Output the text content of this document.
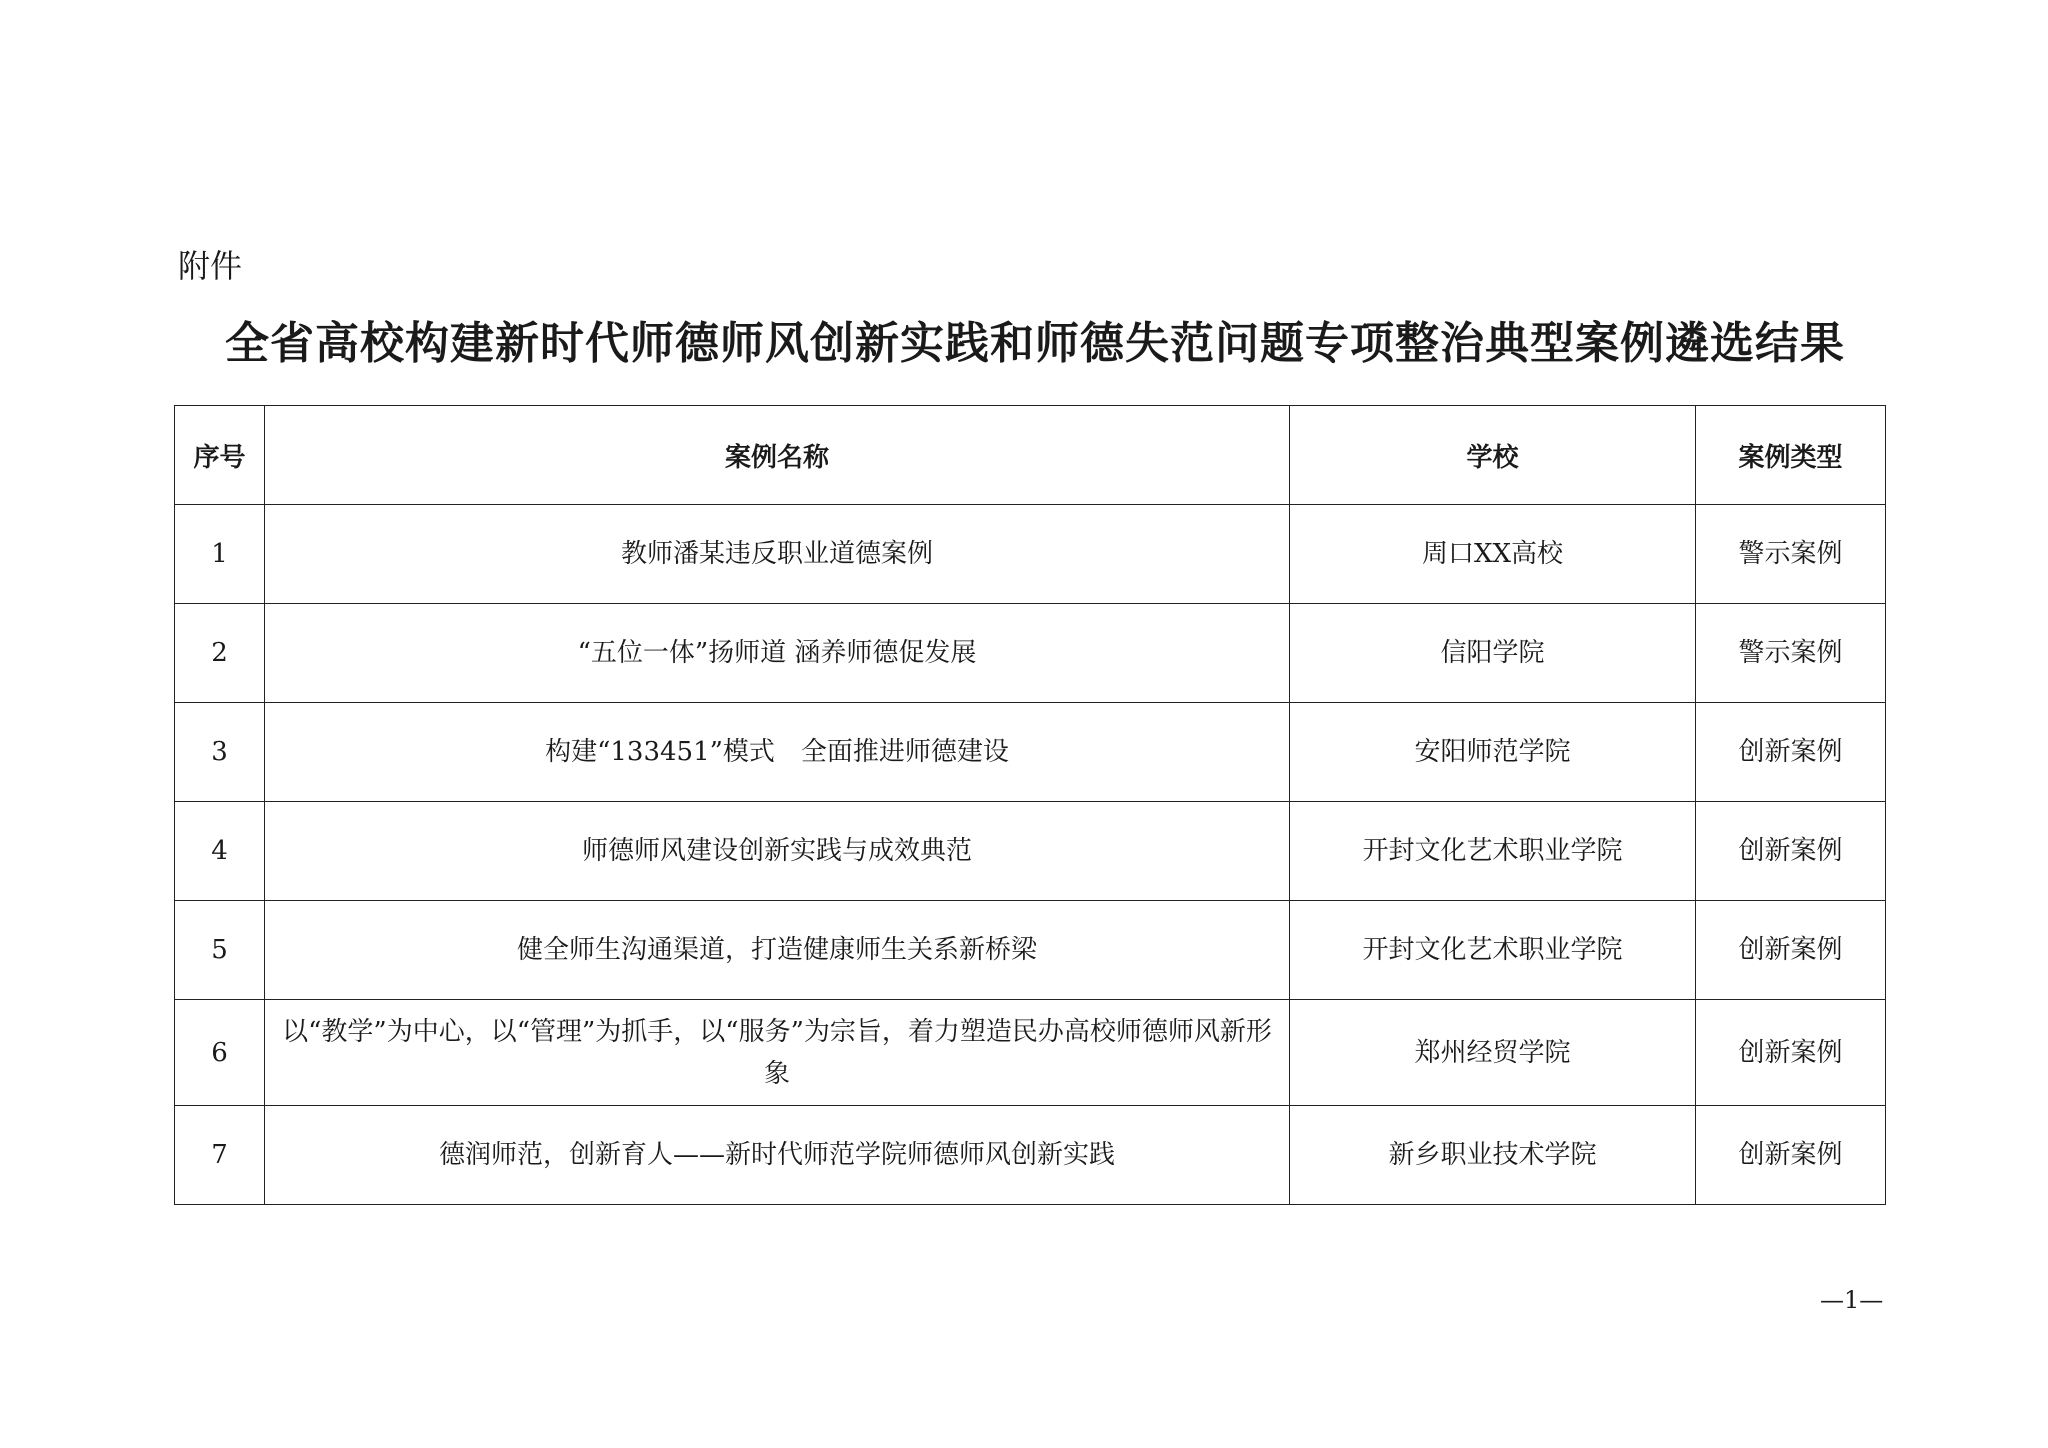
附件
全省高校构建新时代师德师风创新实践和师德失范问题专项整治典型案例遴选结果
序号	案例名称	学校	案例类型
1	教师潘某违反职业道德案例	周口XX高校	警示案例
2	“五位一体”扬师道 涵养师德促发展	信阳学院	警示案例
3	构建“133451”模式　全面推进师德建设	安阳师范学院	创新案例
4	师德师风建设创新实践与成效典范	开封文化艺术职业学院	创新案例
5	健全师生沟通渠道，打造健康师生关系新桥梁	开封文化艺术职业学院	创新案例
6	以“教学”为中心，以“管理”为抓手，以“服务”为宗旨，着力塑造民办高校师德师风新形象	郑州经贸学院	创新案例
7	德润师范，创新育人——新时代师范学院师德师风创新实践	新乡职业技术学院	创新案例
—1—
